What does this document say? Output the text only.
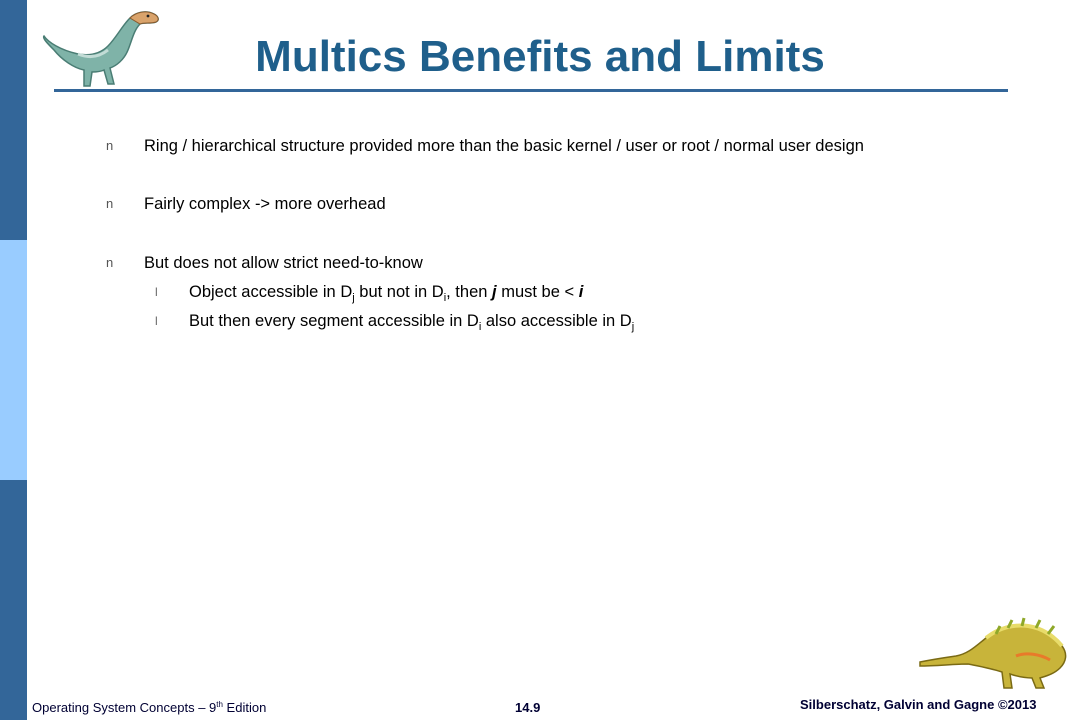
Multics Benefits and Limits
n Ring / hierarchical structure provided more than the basic kernel / user or root / normal user design
n Fairly complex -> more overhead
n But does not allow strict need-to-know
l Object accessible in $D_j$ but not in $D_i$, then j must be < i
l But then every segment accessible in $D_i$ also accessible in $D_j$
Operating System Concepts – 9th Edition	14.9	Silberschatz, Galvin and Gagne ©2013
